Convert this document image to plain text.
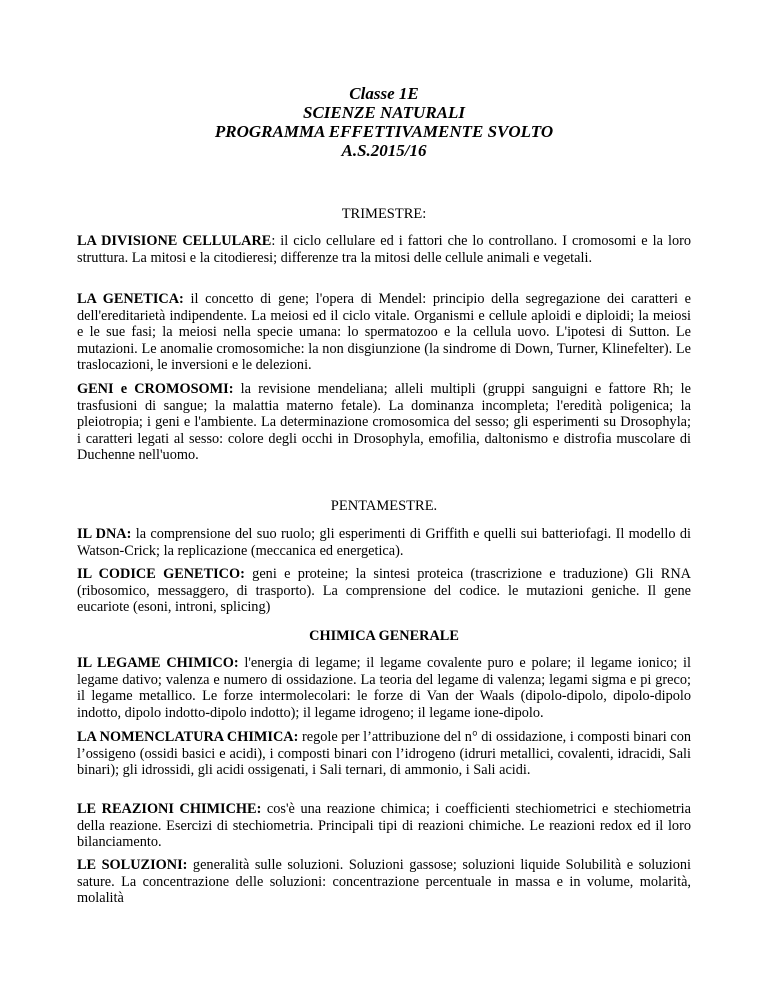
Classe 1E
SCIENZE NATURALI
PROGRAMMA EFFETTIVAMENTE SVOLTO
A.S.2015/16
TRIMESTRE:
LA DIVISIONE CELLULARE: il ciclo cellulare ed i fattori che lo controllano. I cromosomi e la loro struttura. La mitosi e la citodieresi; differenze tra la mitosi delle cellule animali e vegetali.
LA GENETICA: il concetto di gene; l'opera di Mendel: principio della segregazione dei caratteri e dell'ereditarietà indipendente. La meiosi ed il ciclo vitale. Organismi e cellule aploidi e diploidi; la meiosi e le sue fasi; la meiosi nella specie umana: lo spermatozoo e la cellula uovo. L'ipotesi di Sutton. Le mutazioni. Le anomalie cromosomiche: la non disgiunzione (la sindrome di Down, Turner, Klinefelter). Le traslocazioni, le inversioni e le delezioni.
GENI e CROMOSOMI: la revisione mendeliana; alleli multipli (gruppi sanguigni e fattore Rh; le trasfusioni di sangue; la malattia materno fetale). La dominanza incompleta; l'eredità poligenica; la pleiotropia; i geni e l'ambiente. La determinazione cromosomica del sesso; gli esperimenti su Drosophyla; i caratteri legati al sesso: colore degli occhi in Drosophyla, emofilia, daltonismo e distrofia muscolare di Duchenne nell'uomo.
PENTAMESTRE.
IL DNA: la comprensione del suo ruolo; gli esperimenti di Griffith e quelli sui batteriofagi. Il modello di Watson-Crick; la replicazione (meccanica ed energetica).
IL CODICE GENETICO: geni e proteine; la sintesi proteica (trascrizione e traduzione) Gli RNA (ribosomico, messaggero, di trasporto). La comprensione del codice. le mutazioni geniche. Il gene eucariote (esoni, introni, splicing)
CHIMICA GENERALE
IL LEGAME CHIMICO: l'energia di legame; il legame covalente puro e polare; il legame ionico; il legame dativo; valenza e numero di ossidazione. La teoria del legame di valenza; legami sigma e pi greco; il legame metallico. Le forze intermolecolari: le forze di Van der Waals (dipolo-dipolo, dipolo-dipolo indotto, dipolo indotto-dipolo indotto); il legame idrogeno; il legame ione-dipolo.
LA NOMENCLATURA CHIMICA: regole per l’attribuzione del n° di ossidazione, i composti binari con l’ossigeno (ossidi basici e acidi), i composti binari con l’idrogeno (idruri metallici, covalenti, idracidi, Sali binari); gli idrossidi, gli acidi ossigenati, i Sali ternari, di ammonio, i Sali acidi.
LE REAZIONI CHIMICHE: cos'è una reazione chimica; i coefficienti stechiometrici e stechiometria della reazione. Esercizi di stechiometria. Principali tipi di reazioni chimiche. Le reazioni redox ed il loro bilanciamento.
LE SOLUZIONI: generalità sulle soluzioni. Soluzioni gassose; soluzioni liquide Solubilità e soluzioni sature. La concentrazione delle soluzioni: concentrazione percentuale in massa e in volume, molarità, molalità
